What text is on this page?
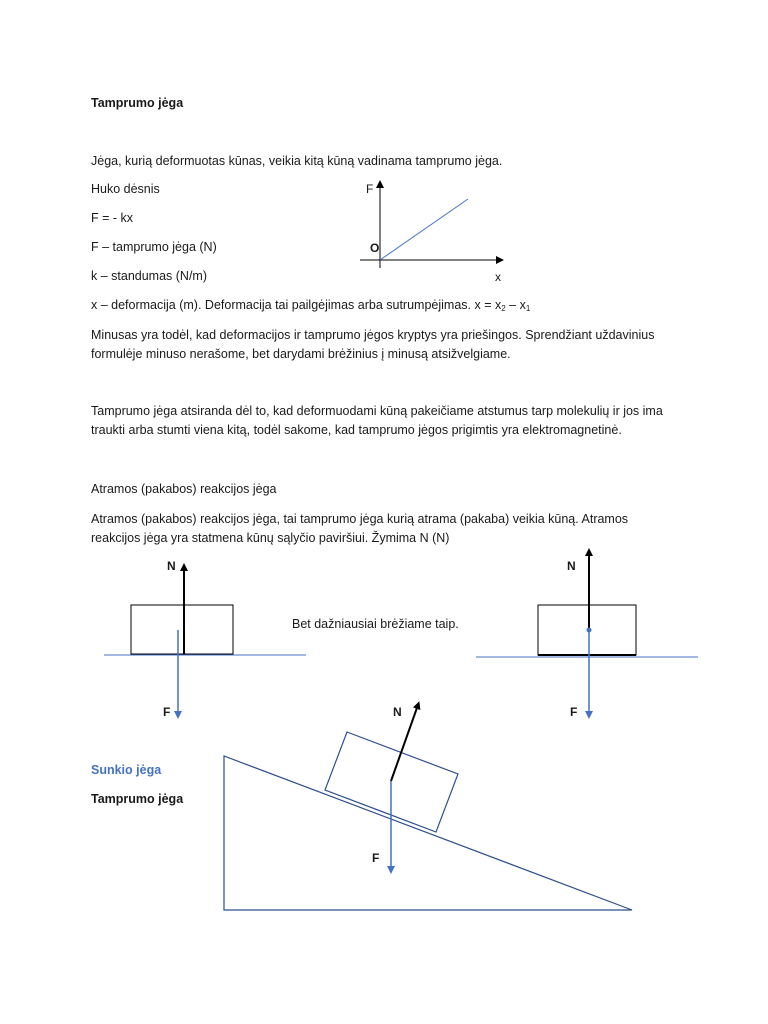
Tamprumo jėga
Jėga, kurią deformuotas kūnas, veikia kitą kūną vadinama tamprumo jėga.
Huko dėsnis
F = - kx
F – tamprumo jėga (N)
k – standumas (N/m)
x – deformacija (m). Deformacija tai pailgėjimas arba sutrumpėjimas. $x = x_2 - x_1$
Minusas yra todėl, kad deformacijos ir tamprumo jėgos kryptys yra priešingos. Sprendžiant uždavinius
formulėje minuso nerašome, bet darydami brėžinius į minusą atsižvelgiame.
Tamprumo jėga atsiranda dėl to, kad deformuodami kūną pakeičiame atstumus tarp molekulių ir jos ima
traukti arba stumti viena kitą, todėl sakome, kad tamprumo jėgos prigimtis yra elektromagnetinė.
Atramos (pakabos) reakcijos jėga
Atramos (pakabos) reakcijos jėga, tai tamprumo jėga kurią atrama (pakaba) veikia kūną. Atramos
reakcijos jėga yra statmena kūnų sąlyčio paviršiui. Žymima N (N)
Bet dažniausiai brėžiame taip.
Sunkio jėga
Tamprumo jėga
F
O
x
N
F
N
F
N
F
